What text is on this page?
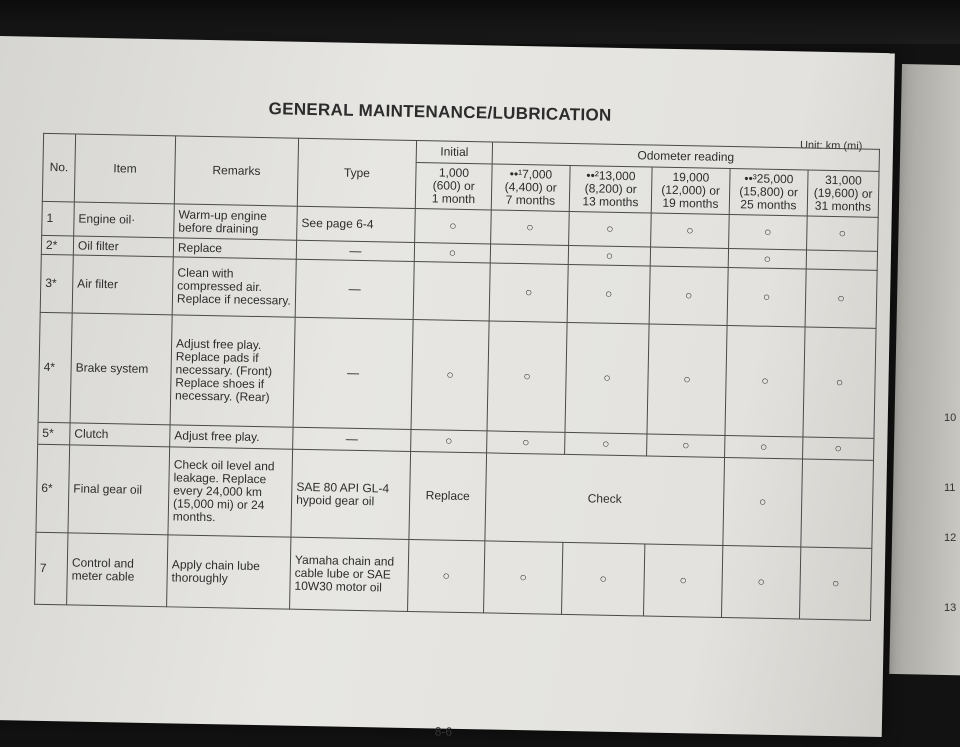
10
11
12
13
GENERAL MAINTENANCE/LUBRICATION
Unit: km (mi)
No.	Item	Remarks	Type	Initial	Odometer reading				
				1,000
(600) or
1 month	••¹7,000
(4,400) or
7 months	••²13,000
(8,200) or
13 months	19,000
(12,000) or
19 months	••³25,000
(15,800) or
25 months	31,000
(19,600) or
31 months
1	Engine oil·	Warm-up engine before draining	See page 6-4	○	○	○	○	○	○
2*	Oil filter	Replace	—	○		○		○	
3*	Air filter	Clean with compressed air. Replace if necessary.	—		○	○	○	○	○
4*	Brake system	Adjust free play. Replace pads if necessary. (Front) Replace shoes if necessary. (Rear)	—	○	○	○	○	○	○
5*	Clutch	Adjust free play.	—	○	○	○	○	○	○
6*	Final gear oil	Check oil level and leakage. Replace every 24,000 km (15,000 mi) or 24 months.	SAE 80 API GL-4 hypoid gear oil	Replace	Check			○	
7	Control and meter cable	Apply chain lube thoroughly	Yamaha chain and cable lube or SAE 10W30 motor oil	○	○	○	○	○	○
8-6
